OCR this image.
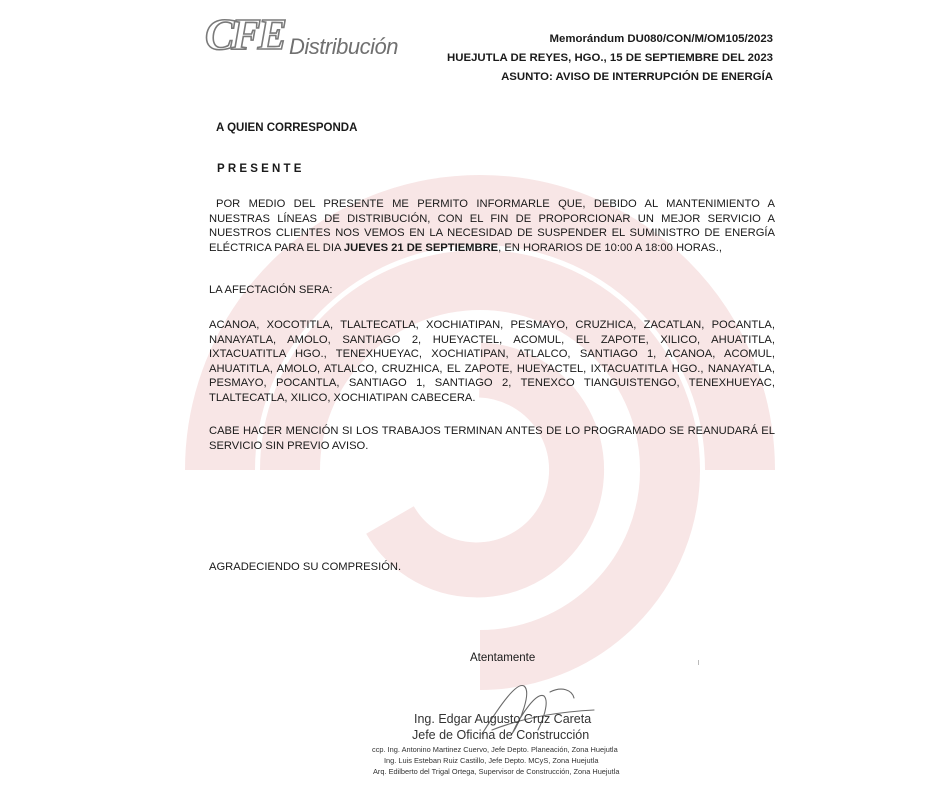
CFE Distribución	Memorándum DU080/CON/M/OM105/2023
HUEJUTLA DE REYES, HGO., 15 DE SEPTIEMBRE DEL 2023
ASUNTO: AVISO DE INTERRUPCIÓN DE ENERGÍA
A QUIEN CORRESPONDA
PRESENTE
POR MEDIO DEL PRESENTE ME PERMITO INFORMARLE QUE, DEBIDO AL MANTENIMIENTO A NUESTRAS LÍNEAS DE DISTRIBUCIÓN, CON EL FIN DE PROPORCIONAR UN MEJOR SERVICIO A NUESTROS CLIENTES NOS VEMOS EN LA NECESIDAD DE SUSPENDER EL SUMINISTRO DE ENERGÍA ELÉCTRICA PARA EL DIA JUEVES 21 DE SEPTIEMBRE, EN HORARIOS DE 10:00 A 18:00 HORAS.,
LA AFECTACIÓN SERA:
ACANOA, XOCOTITLA, TLALTECATLA, XOCHIATIPAN, PESMAYO, CRUZHICA, ZACATLAN, POCANTLA, NANAYATLA, AMOLO, SANTIAGO 2, HUEYACTEL, ACOMUL, EL ZAPOTE, XILICO, AHUATITLA, IXTACUATITLA HGO., TENEXHUEYAC, XOCHIATIPAN, ATLALCO, SANTIAGO 1, ACANOA, ACOMUL, AHUATITLA, AMOLO, ATLALCO, CRUZHICA, EL ZAPOTE, HUEYACTEL, IXTACUATITLA HGO., NANAYATLA, PESMAYO, POCANTLA, SANTIAGO 1, SANTIAGO 2, TENEXCO TIANGUISTENGO, TENEXHUEYAC, TLALTECATLA, XILICO, XOCHIATIPAN CABECERA.
CABE HACER MENCIÓN SI LOS TRABAJOS TERMINAN ANTES DE LO PROGRAMADO SE REANUDARÁ EL SERVICIO SIN PREVIO AVISO.
AGRADECIENDO SU COMPRESIÓN.
Atentamente
Ing. Edgar Augusto Cruz Careta
Jefe de Oficina de Construcción
ccp. Ing. Antonino Martinez Cuervo, Jefe Depto. Planeación, Zona Huejutla
Ing. Luis Esteban Ruiz Castillo, Jefe Depto. MCyS, Zona Huejutla
Arq. Edilberto del Trigal Ortega, Supervisor de Construcción, Zona Huejutla
